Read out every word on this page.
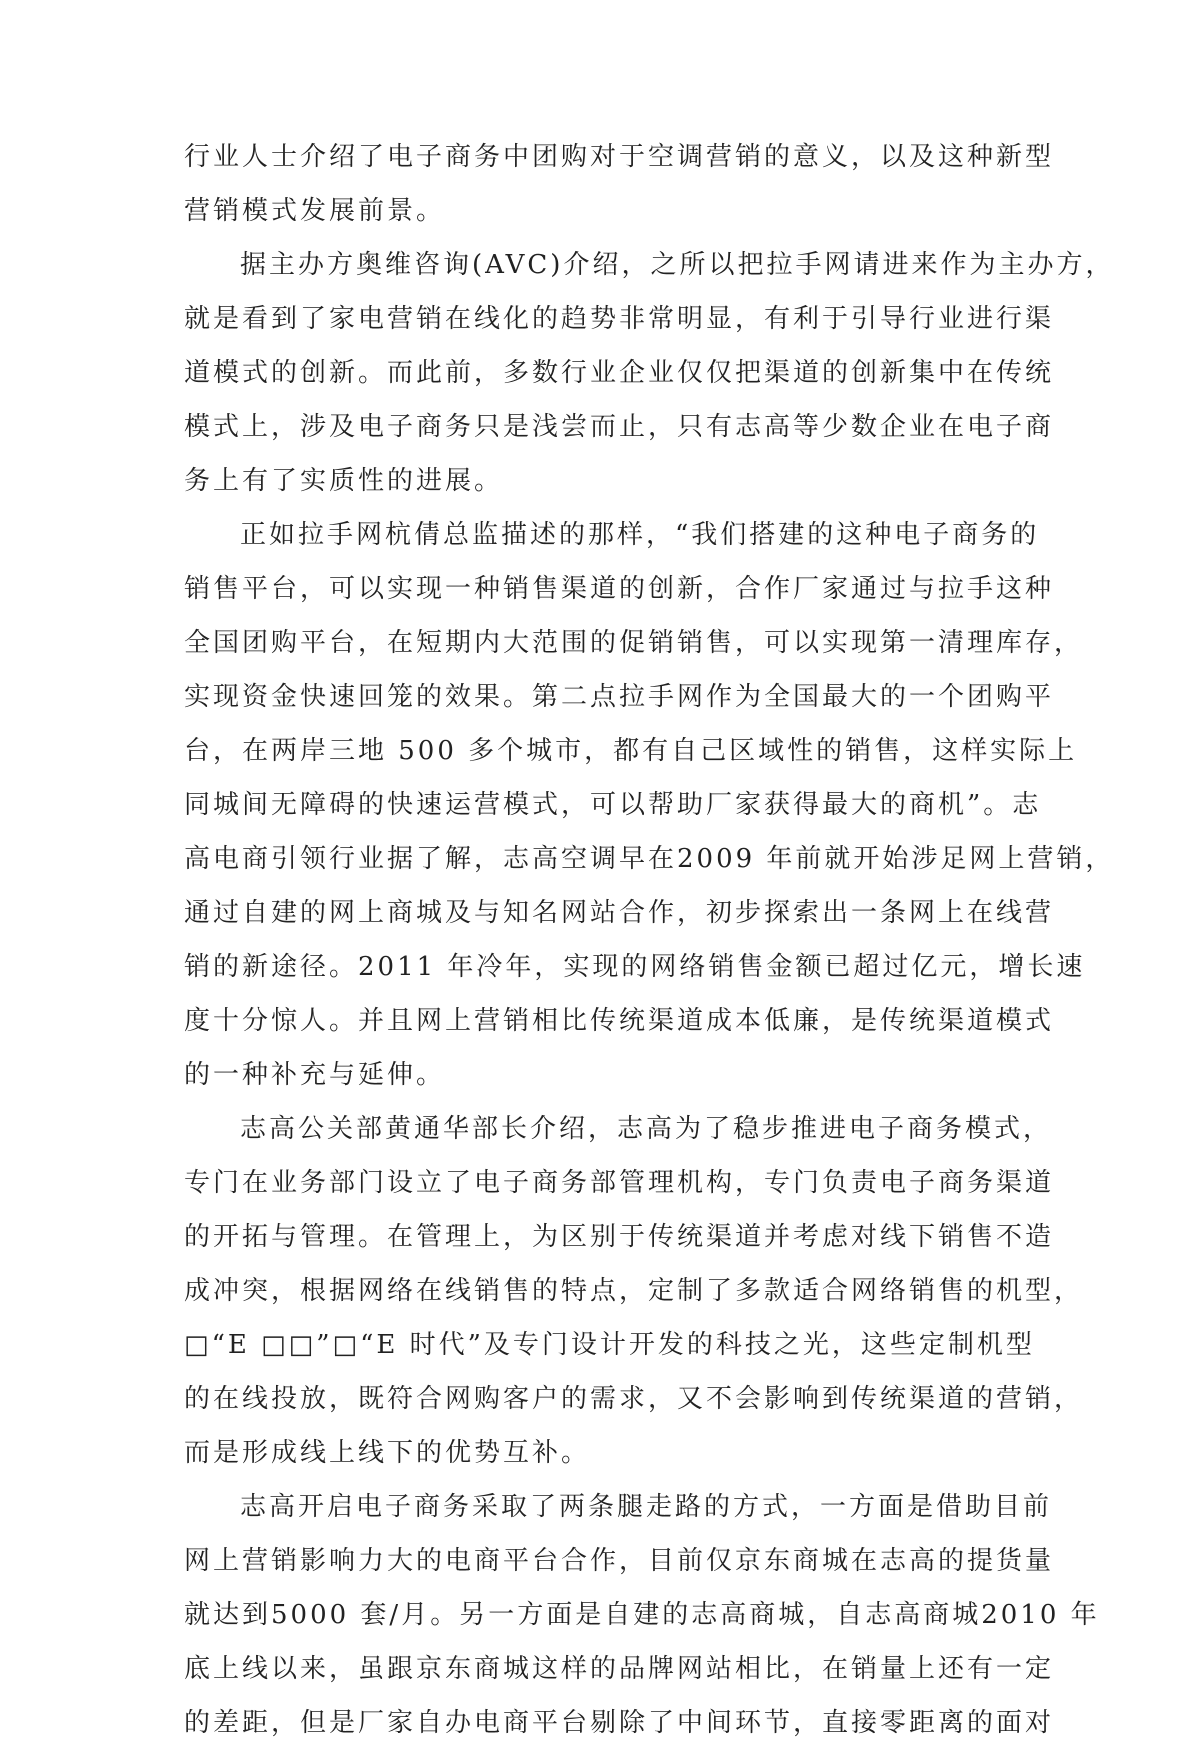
行业人士介绍了电子商务中团购对于空调营销的意义，以及这种新型
营销模式发展前景。
据主办方奥维咨询(AVC)介绍，之所以把拉手网请进来作为主办方，
就是看到了家电营销在线化的趋势非常明显，有利于引导行业进行渠
道模式的创新。而此前，多数行业企业仅仅把渠道的创新集中在传统
模式上，涉及电子商务只是浅尝而止，只有志高等少数企业在电子商
务上有了实质性的进展。
正如拉手网杭倩总监描述的那样，“我们搭建的这种电子商务的
销售平台，可以实现一种销售渠道的创新，合作厂家通过与拉手这种
全国团购平台，在短期内大范围的促销销售，可以实现第一清理库存，
实现资金快速回笼的效果。第二点拉手网作为全国最大的一个团购平
台，在两岸三地 500 多个城市，都有自己区域性的销售，这样实际上
同城间无障碍的快速运营模式，可以帮助厂家获得最大的商机”。志
高电商引领行业据了解，志高空调早在2009 年前就开始涉足网上营销，
通过自建的网上商城及与知名网站合作，初步探索出一条网上在线营
销的新途径。2011 年冷年，实现的网络销售金额已超过亿元，增长速
度十分惊人。并且网上营销相比传统渠道成本低廉，是传统渠道模式
的一种补充与延伸。
志高公关部黄通华部长介绍，志高为了稳步推进电子商务模式，
专门在业务部门设立了电子商务部管理机构，专门负责电子商务渠道
的开拓与管理。在管理上，为区别于传统渠道并考虑对线下销售不造
成冲突，根据网络在线销售的特点，定制了多款适合网络销售的机型，
□“E □□”□“E 时代”及专门设计开发的科技之光，这些定制机型
的在线投放，既符合网购客户的需求，又不会影响到传统渠道的营销，
而是形成线上线下的优势互补。
志高开启电子商务采取了两条腿走路的方式，一方面是借助目前
网上营销影响力大的电商平台合作，目前仅京东商城在志高的提货量
就达到5000 套/月。另一方面是自建的志高商城，自志高商城2010 年
底上线以来，虽跟京东商城这样的品牌网站相比，在销量上还有一定
的差距，但是厂家自办电商平台剔除了中间环节，直接零距离的面对
